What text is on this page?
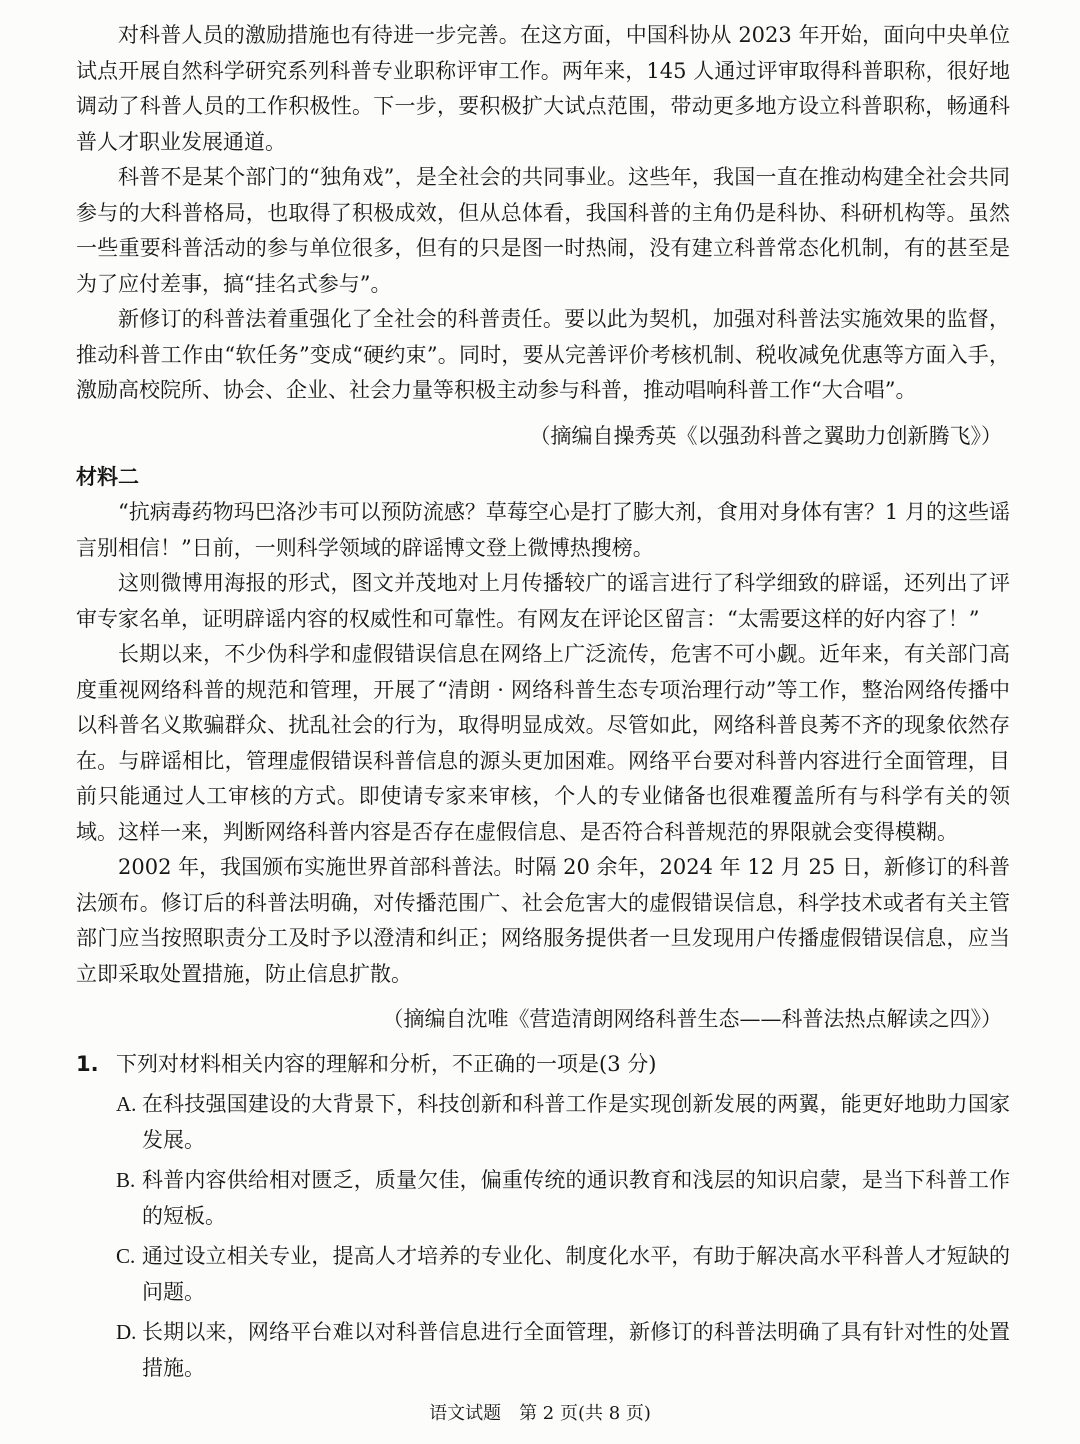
对科普人员的激励措施也有待进一步完善。在这方面，中国科协从 2023 年开始，面向中央单位试点开展自然科学研究系列科普专业职称评审工作。两年来，145 人通过评审取得科普职称，很好地调动了科普人员的工作积极性。下一步，要积极扩大试点范围，带动更多地方设立科普职称，畅通科普人才职业发展通道。

科普不是某个部门的“独角戏”，是全社会的共同事业。这些年，我国一直在推动构建全社会共同参与的大科普格局，也取得了积极成效，但从总体看，我国科普的主角仍是科协、科研机构等。虽然一些重要科普活动的参与单位很多，但有的只是图一时热闹，没有建立科普常态化机制，有的甚至是为了应付差事，搞“挂名式参与”。

新修订的科普法着重强化了全社会的科普责任。要以此为契机，加强对科普法实施效果的监督，推动科普工作由“软任务”变成“硬约束”。同时，要从完善评价考核机制、税收减免优惠等方面入手，激励高校院所、协会、企业、社会力量等积极主动参与科普，推动唱响科普工作“大合唱”。

（摘编自操秀英《以强劲科普之翼助力创新腾飞》）

材料二

“抗病毒药物玛巴洛沙韦可以预防流感？草莓空心是打了膨大剂，食用对身体有害？1 月的这些谣言别相信！”日前，一则科学领域的辟谣博文登上微博热搜榜。

这则微博用海报的形式，图文并茂地对上月传播较广的谣言进行了科学细致的辟谣，还列出了评审专家名单，证明辟谣内容的权威性和可靠性。有网友在评论区留言：“太需要这样的好内容了！”

长期以来，不少伪科学和虚假错误信息在网络上广泛流传，危害不可小觑。近年来，有关部门高度重视网络科普的规范和管理，开展了“清朗 · 网络科普生态专项治理行动”等工作，整治网络传播中以科普名义欺骗群众、扰乱社会的行为，取得明显成效。尽管如此，网络科普良莠不齐的现象依然存在。与辟谣相比，管理虚假错误科普信息的源头更加困难。网络平台要对科普内容进行全面管理，目前只能通过人工审核的方式。即使请专家来审核，个人的专业储备也很难覆盖所有与科学有关的领域。这样一来，判断网络科普内容是否存在虚假信息、是否符合科普规范的界限就会变得模糊。

2002 年，我国颁布实施世界首部科普法。时隔 20 余年，2024 年 12 月 25 日，新修订的科普法颁布。修订后的科普法明确，对传播范围广、社会危害大的虚假错误信息，科学技术或者有关主管部门应当按照职责分工及时予以澄清和纠正；网络服务提供者一旦发现用户传播虚假错误信息，应当立即采取处置措施，防止信息扩散。

（摘编自沈唯《营造清朗网络科普生态——科普法热点解读之四》）

1. 下列对材料相关内容的理解和分析，不正确的一项是(3 分)
A. 在科技强国建设的大背景下，科技创新和科普工作是实现创新发展的两翼，能更好地助力国家发展。
B. 科普内容供给相对匮乏，质量欠佳，偏重传统的通识教育和浅层的知识启蒙，是当下科普工作的短板。
C. 通过设立相关专业，提高人才培养的专业化、制度化水平，有助于解决高水平科普人才短缺的问题。
D. 长期以来，网络平台难以对科普信息进行全面管理，新修订的科普法明确了具有针对性的处置措施。
语文试题　第 2 页(共 8 页)
